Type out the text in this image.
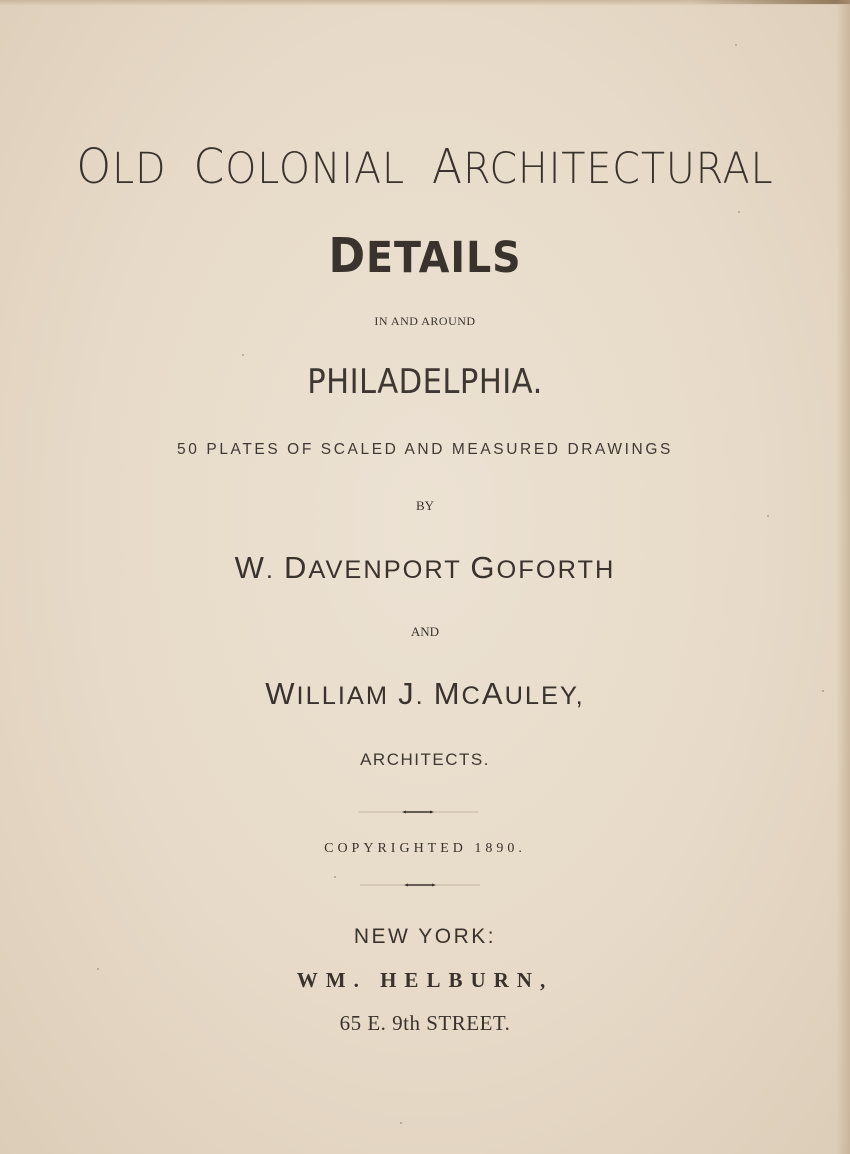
OLD COLONIAL ARCHITECTURAL
DETAILS

IN AND AROUND

PHILADELPHIA.

50 PLATES OF SCALED AND MEASURED DRAWINGS

BY

W. DAVENPORT GOFORTH

AND

WILLIAM J. MCAULEY,

ARCHITECTS.

COPYRIGHTED 1890.

NEW YORK:

WM. HELBURN,

65 E. 9th STREET.
